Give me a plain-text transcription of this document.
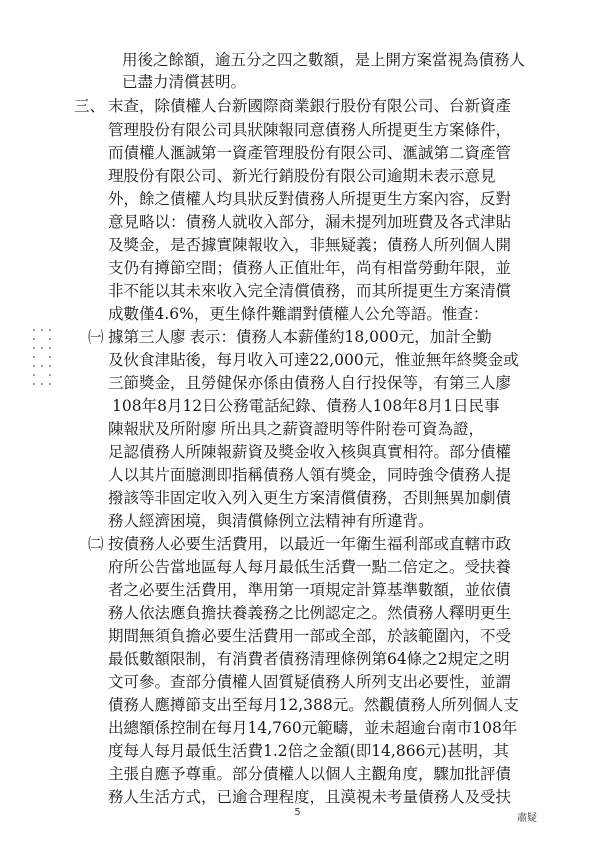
用後之餘額，逾五分之四之數額，是上開方案當視為債務人
已盡力清償甚明。
三、 末查，除債權人台新國際商業銀行股份有限公司、台新資產
管理股份有限公司具狀陳報同意債務人所提更生方案條件，
而債權人滙誠第一資產管理股份有限公司、滙誠第二資產管
理股份有限公司、新光行銷股份有限公司逾期未表示意見
外，餘之債權人均具狀反對債務人所提更生方案內容，反對
意見略以：債務人就收入部分，漏未提列加班費及各式津貼
及獎金，是否據實陳報收入，非無疑義；債務人所列個人開
支仍有撙節空間；債務人正值壯年，尚有相當勞動年限，並
非不能以其未來收入完全清償債務，而其所提更生方案清償
成數僅4.6%，更生條件難謂對債權人公允等語。惟查：
㈠ 據第三人廖 表示：債務人本薪僅約18,000元，加計全勤
及伙食津貼後，每月收入可達22,000元，惟並無年終獎金或
三節獎金，且勞健保亦係由債務人自行投保等，有第三人廖
108年8月12日公務電話紀錄、債務人108年8月1日民事
陳報狀及所附廖 所出具之薪資證明等件附卷可資為證，
足認債務人所陳報薪資及獎金收入核與真實相符。部分債權
人以其片面臆測即指稱債務人領有獎金，同時強令債務人提
撥該等非固定收入列入更生方案清償債務，否則無異加劇債
務人經濟困境，與清償條例立法精神有所違背。
㈡ 按債務人必要生活費用，以最近一年衛生福利部或直轄市政
府所公告當地區每人每月最低生活費一點二倍定之。受扶養
者之必要生活費用，準用第一項規定計算基準數額，並依債
務人依法應負擔扶養義務之比例認定之。然債務人釋明更生
期間無須負擔必要生活費用一部或全部，於該範圍內，不受
最低數額限制，有消費者債務清理條例第64條之2規定之明
文可參。查部分債權人固質疑債務人所列支出必要性，並謂
債務人應撙節支出至每月12,388元。然觀債務人所列個人支
出總額係控制在每月14,760元範疇，並未超逾台南市108年
度每人每月最低生活費1.2倍之金額(即14,866元)甚明，其
主張自應予尊重。部分債權人以個人主觀角度，驟加批評債
務人生活方式，已逾合理程度，且漠視未考量債務人及受扶
5
肅疑
